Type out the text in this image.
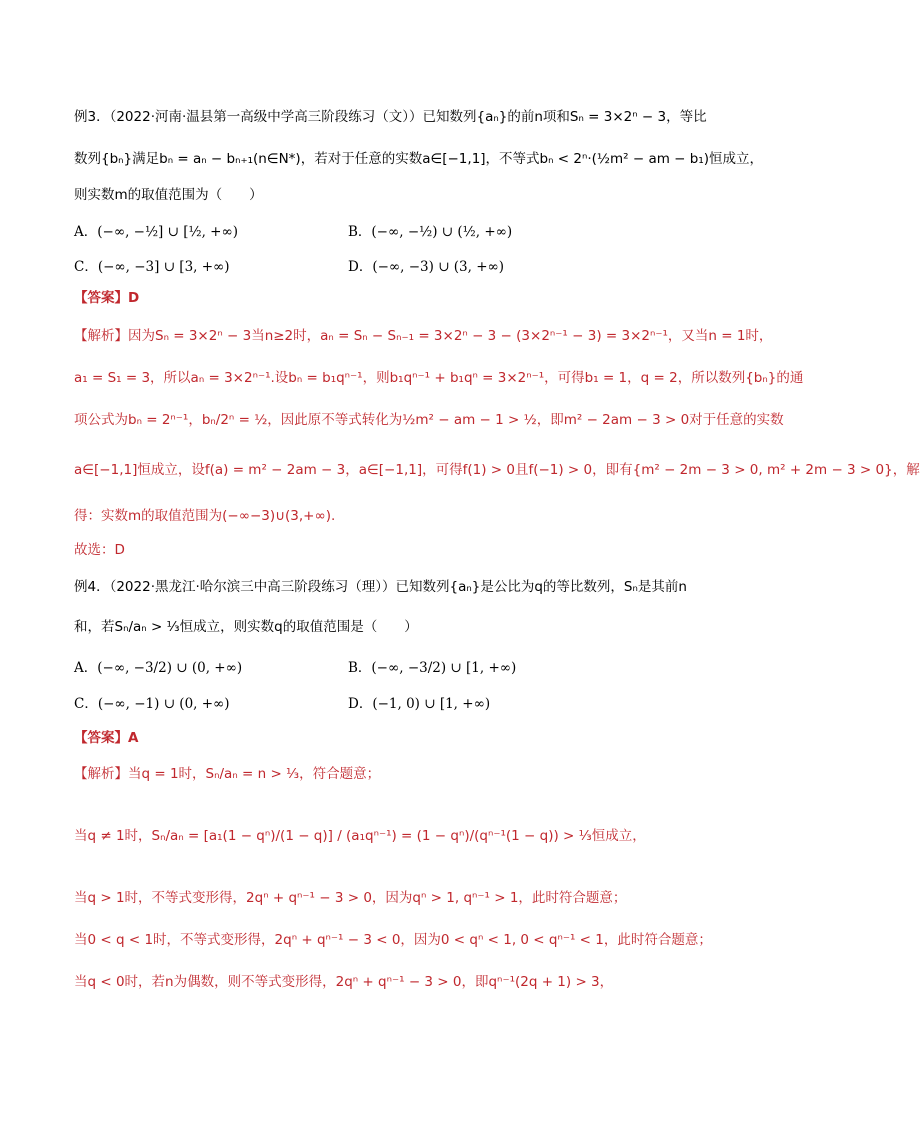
例3．（2022·河南·温县第一高级中学高三阶段练习（文））已知数列{aₙ}的前n项和Sₙ = 3×2ⁿ − 3，等比
数列{bₙ}满足bₙ = aₙ − bₙ₊₁(n∈N*)，若对于任意的实数a∈[−1,1]，不等式bₙ < 2ⁿ·(½m² − am − b₁)恒成立，
则实数m的取值范围为（　　）
A．(−∞, −½] ∪ [½, +∞)	B．(−∞, −½) ∪ (½, +∞)
C．(−∞, −3] ∪ [3, +∞)	D．(−∞, −3) ∪ (3, +∞)
【答案】D
【解析】因为Sₙ = 3×2ⁿ − 3当n≥2时，aₙ = Sₙ − Sₙ₋₁ = 3×2ⁿ − 3 − (3×2ⁿ⁻¹ − 3) = 3×2ⁿ⁻¹，又当n = 1时，
a₁ = S₁ = 3，所以aₙ = 3×2ⁿ⁻¹.设bₙ = b₁qⁿ⁻¹，则b₁qⁿ⁻¹ + b₁qⁿ = 3×2ⁿ⁻¹，可得b₁ = 1，q = 2，所以数列{bₙ}的通
项公式为bₙ = 2ⁿ⁻¹，bₙ/2ⁿ = ½，因此原不等式转化为½m² − am − 1 > ½，即m² − 2am − 3 > 0对于任意的实数
a∈[−1,1]恒成立，设f(a) = m² − 2am − 3，a∈[−1,1]，可得f(1) > 0且f(−1) > 0，即有{m² − 2m − 3 > 0, m² + 2m − 3 > 0}，解
得：实数m的取值范围为(−∞−3)∪(3,+∞).
故选：D
例4．（2022·黑龙江·哈尔滨三中高三阶段练习（理））已知数列{aₙ}是公比为q的等比数列，Sₙ是其前n
和，若Sₙ/aₙ > ⅓恒成立，则实数q的取值范围是（　　）
A．(−∞, −3/2) ∪ (0, +∞)	B．(−∞, −3/2) ∪ [1, +∞)
C．(−∞, −1) ∪ (0, +∞)	D．(−1, 0) ∪ [1, +∞)
【答案】A
【解析】当q = 1时，Sₙ/aₙ = n > ⅓，符合题意；
当q ≠ 1时，Sₙ/aₙ = [a₁(1 − qⁿ)/(1 − q)] / (a₁qⁿ⁻¹) = (1 − qⁿ)/(qⁿ⁻¹(1 − q)) > ⅓恒成立，
当q > 1时，不等式变形得，2qⁿ + qⁿ⁻¹ − 3 > 0，因为qⁿ > 1, qⁿ⁻¹ > 1，此时符合题意；
当0 < q < 1时，不等式变形得，2qⁿ + qⁿ⁻¹ − 3 < 0，因为0 < qⁿ < 1, 0 < qⁿ⁻¹ < 1，此时符合题意；
当q < 0时，若n为偶数，则不等式变形得，2qⁿ + qⁿ⁻¹ − 3 > 0，即qⁿ⁻¹(2q + 1) > 3，
